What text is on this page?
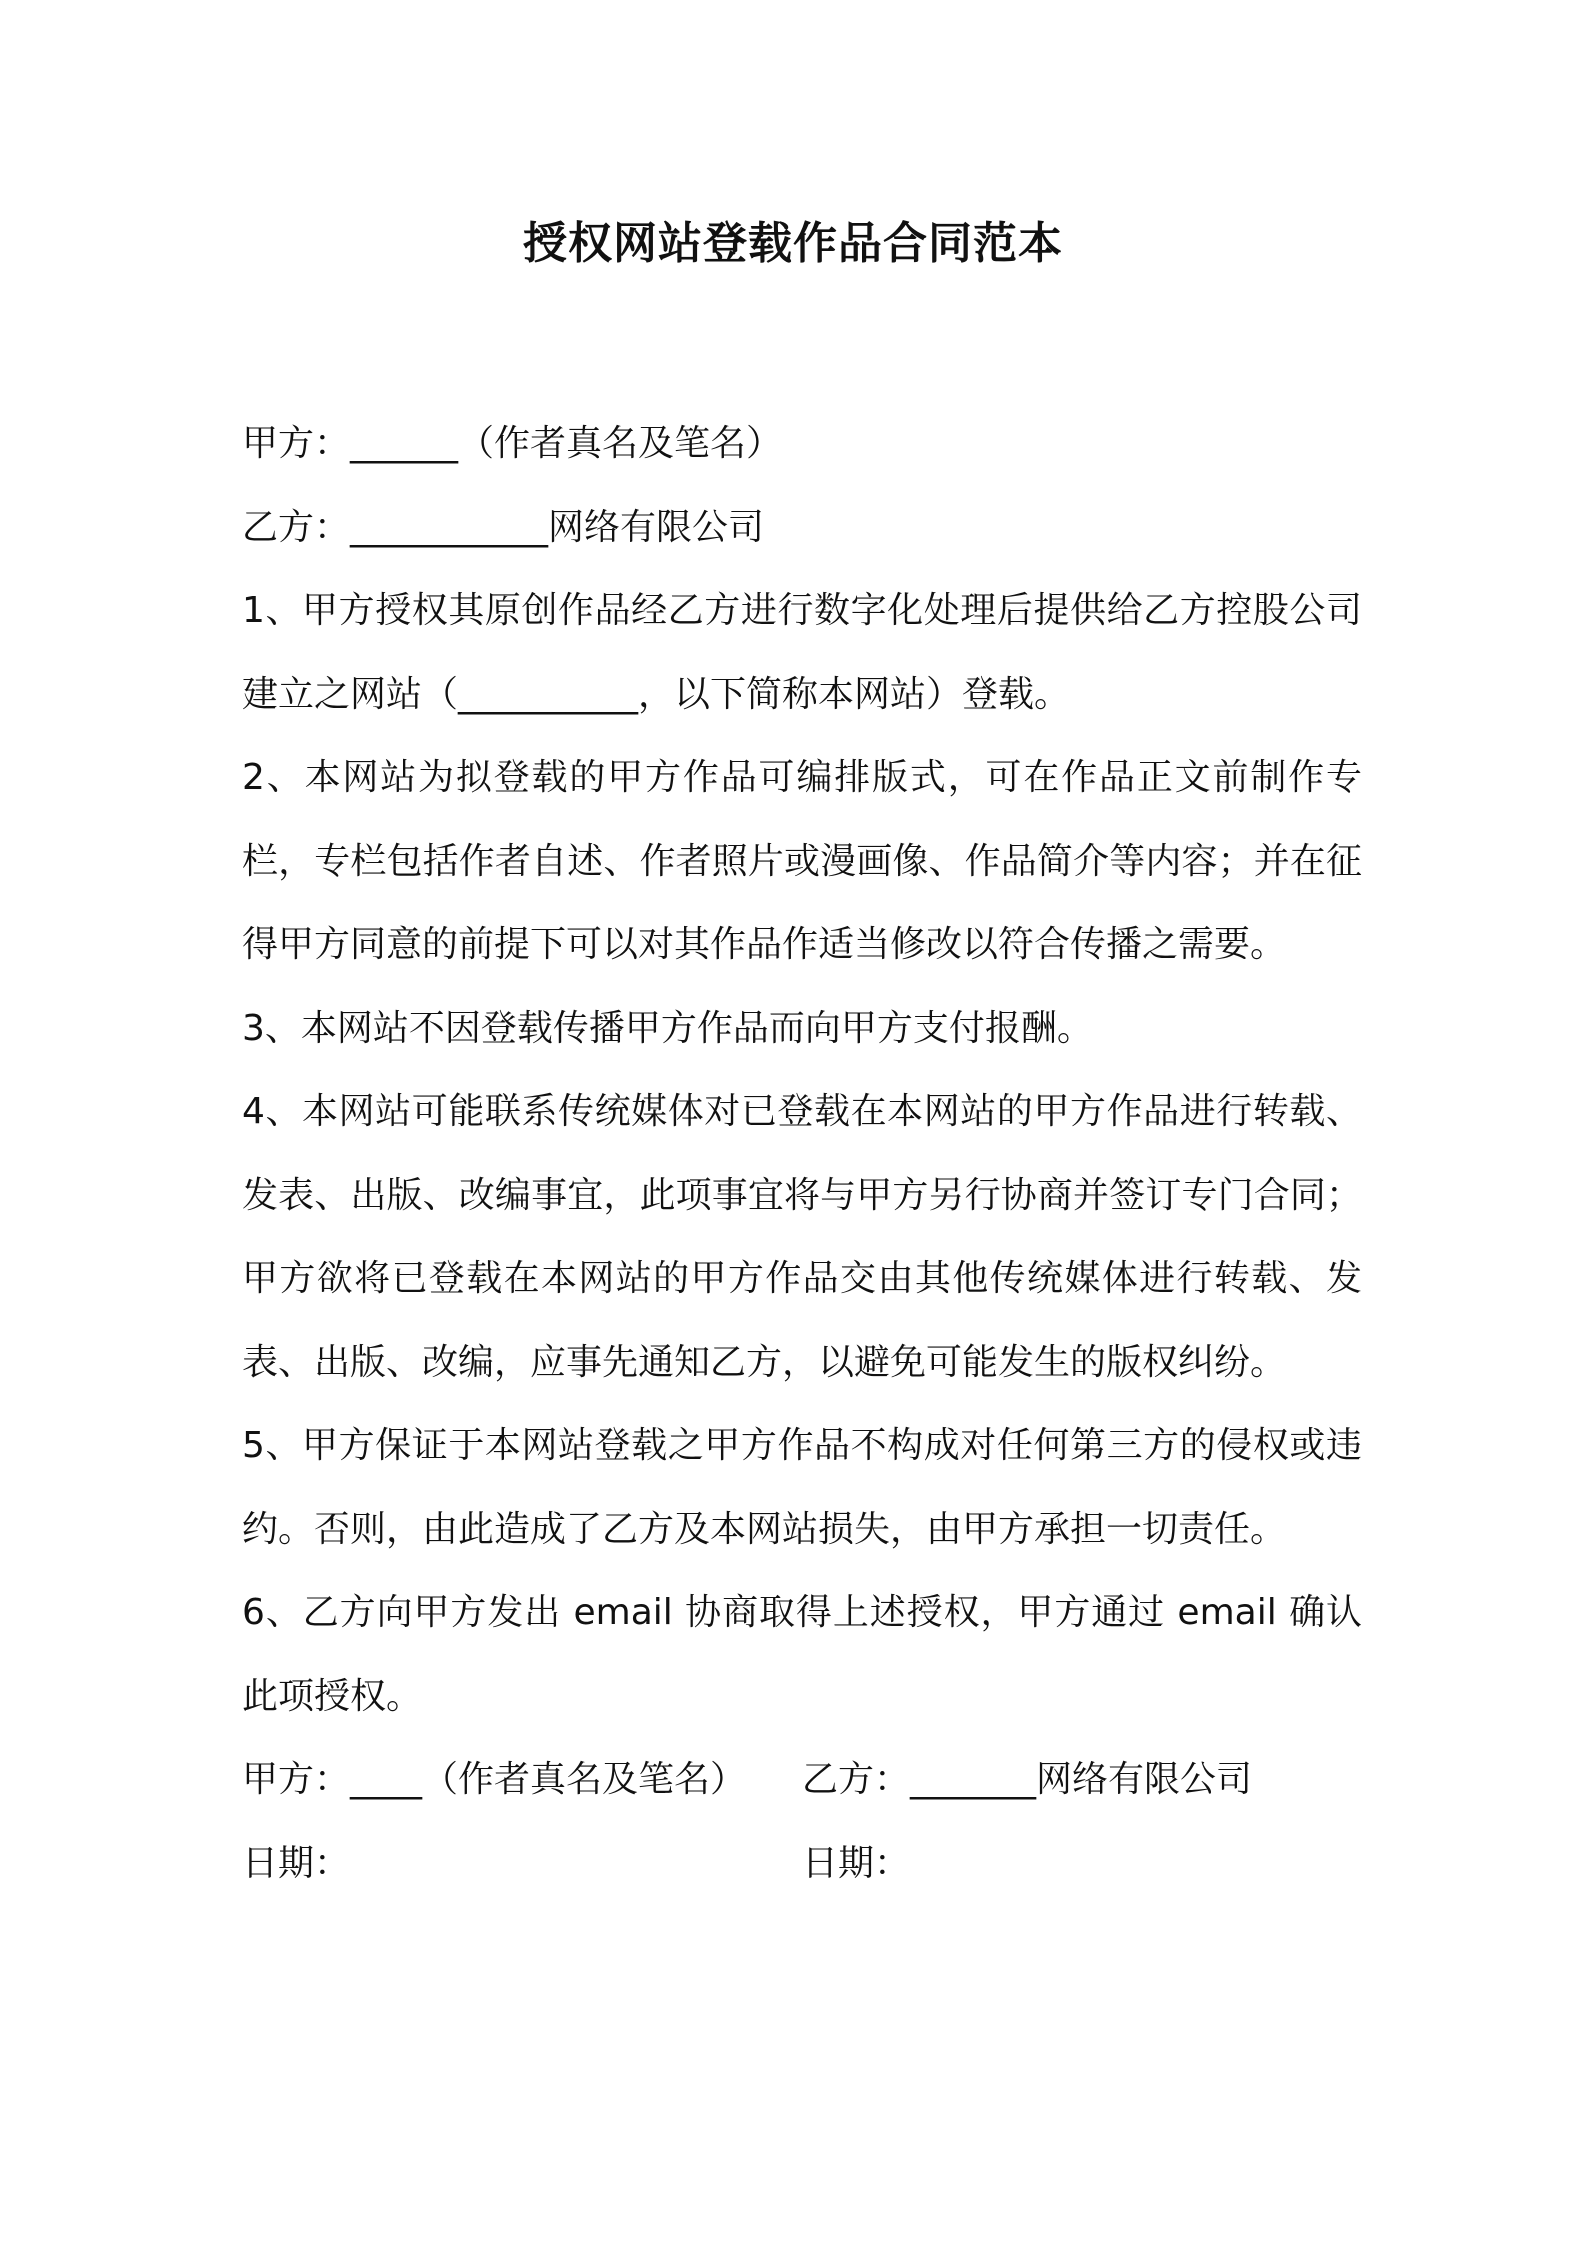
授权网站登载作品合同范本

甲方：______（作者真名及笔名）

乙方：___________网络有限公司

1、甲方授权其原创作品经乙方进行数字化处理后提供给乙方控股公司建立之网站（__________，以下简称本网站）登载。

2、本网站为拟登载的甲方作品可编排版式，可在作品正文前制作专栏，专栏包括作者自述、作者照片或漫画像、作品简介等内容；并在征得甲方同意的前提下可以对其作品作适当修改以符合传播之需要。

3、本网站不因登载传播甲方作品而向甲方支付报酬。

4、本网站可能联系传统媒体对已登载在本网站的甲方作品进行转载、发表、出版、改编事宜，此项事宜将与甲方另行协商并签订专门合同；甲方欲将已登载在本网站的甲方作品交由其他传统媒体进行转载、发表、出版、改编，应事先通知乙方，以避免可能发生的版权纠纷。

5、甲方保证于本网站登载之甲方作品不构成对任何第三方的侵权或违约。否则，由此造成了乙方及本网站损失，由甲方承担一切责任。

6、乙方向甲方发出 email 协商取得上述授权，甲方通过 email 确认此项授权。

甲方：____（作者真名及笔名）	乙方：_______网络有限公司
日期：	日期：
